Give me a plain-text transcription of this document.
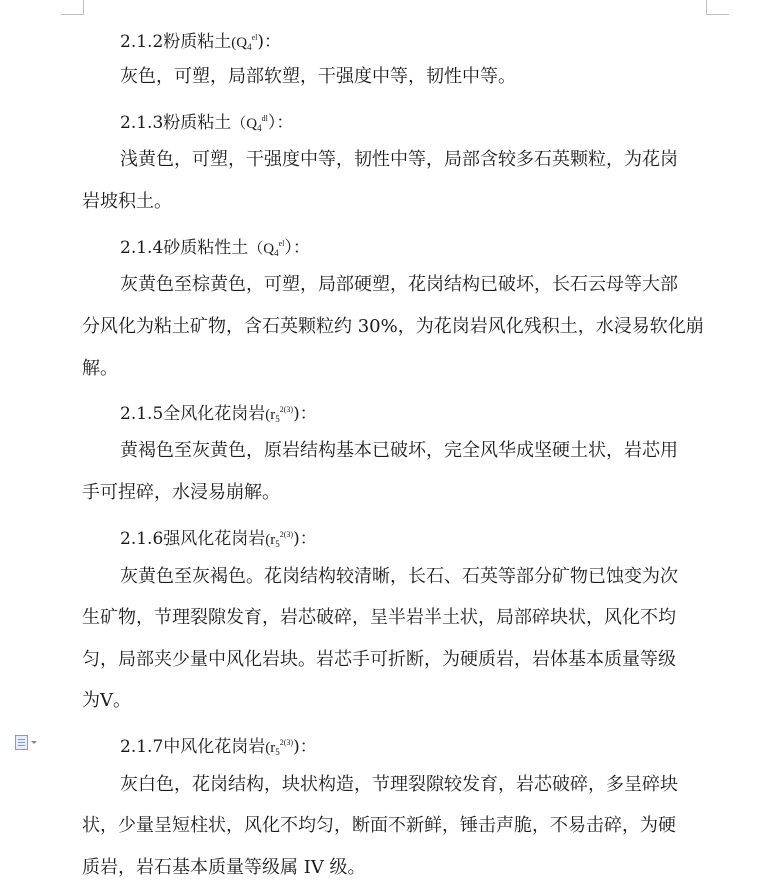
2.1.2粉质粘土$(Q_4^{el})$：
灰色，可塑，局部软塑，干强度中等，韧性中等。
2.1.3粉质粘土$(Q_4^{dl})$：
浅黄色，可塑，干强度中等，韧性中等，局部含较多石英颗粒，为花岗
岩坡积土。
2.1.4砂质粘性土$(Q_4^{el})$：
灰黄色至棕黄色，可塑，局部硬塑，花岗结构已破坏，长石云母等大部
分风化为粘土矿物，含石英颗粒约 30%，为花岗岩风化残积土，水浸易软化崩
解。
2.1.5全风化花岗岩$(r_5^{2(3)})$：
黄褐色至灰黄色，原岩结构基本已破坏，完全风华成坚硬土状，岩芯用
手可捏碎，水浸易崩解。
2.1.6强风化花岗岩$(r_5^{2(3)})$：
灰黄色至灰褐色。花岗结构较清晰，长石、石英等部分矿物已蚀变为次
生矿物，节理裂隙发育，岩芯破碎，呈半岩半土状，局部碎块状，风化不均
匀，局部夹少量中风化岩块。岩芯手可折断，为硬质岩，岩体基本质量等级
为Ⅴ。
2.1.7中风化花岗岩$(r_5^{2(3)})$：
灰白色，花岗结构，块状构造，节理裂隙较发育，岩芯破碎，多呈碎块
状，少量呈短柱状，风化不均匀，断面不新鲜，锤击声脆，不易击碎，为硬
质岩，岩石基本质量等级属 IV 级。
